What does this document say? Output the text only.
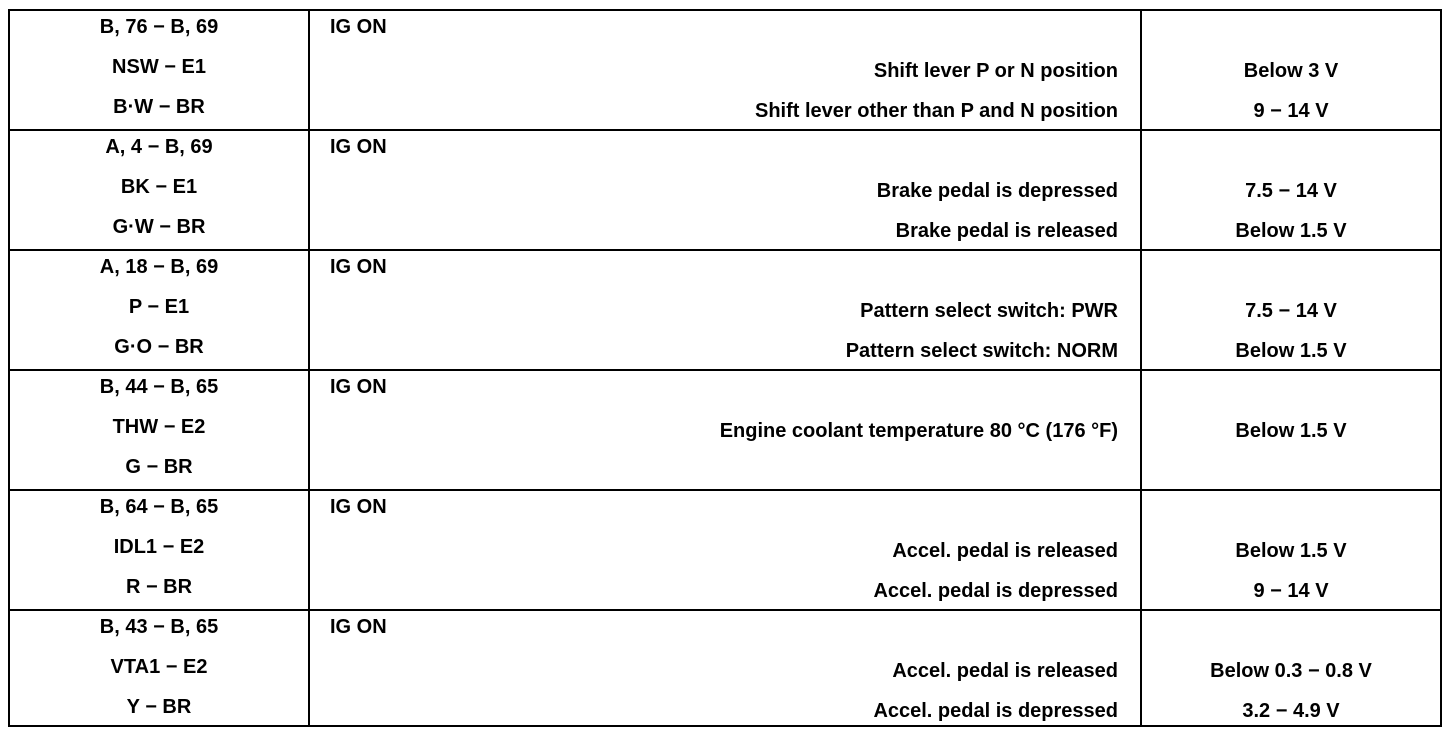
B, 76 − B, 69
NSW − E1
B·W − BR
IG ON
Shift lever P or N position
Shift lever other than P and N position
Below 3 V
9 − 14 V
A, 4 − B, 69
BK − E1
G·W − BR
IG ON
Brake pedal is depressed
Brake pedal is released
7.5 − 14 V
Below 1.5 V
A, 18 − B, 69
P − E1
G·O − BR
IG ON
Pattern select switch: PWR
Pattern select switch: NORM
7.5 − 14 V
Below 1.5 V
B, 44 − B, 65
THW − E2
G − BR
IG ON
Engine coolant temperature 80 °C (176 °F)	Below 1.5 V
B, 64 − B, 65
IDL1 − E2
R − BR
IG ON
Accel. pedal is released
Accel. pedal is depressed
Below 1.5 V
9 − 14 V
B, 43 − B, 65
VTA1 − E2
Y − BR
IG ON
Accel. pedal is released
Accel. pedal is depressed
Below 0.3 − 0.8 V
3.2 − 4.9 V
